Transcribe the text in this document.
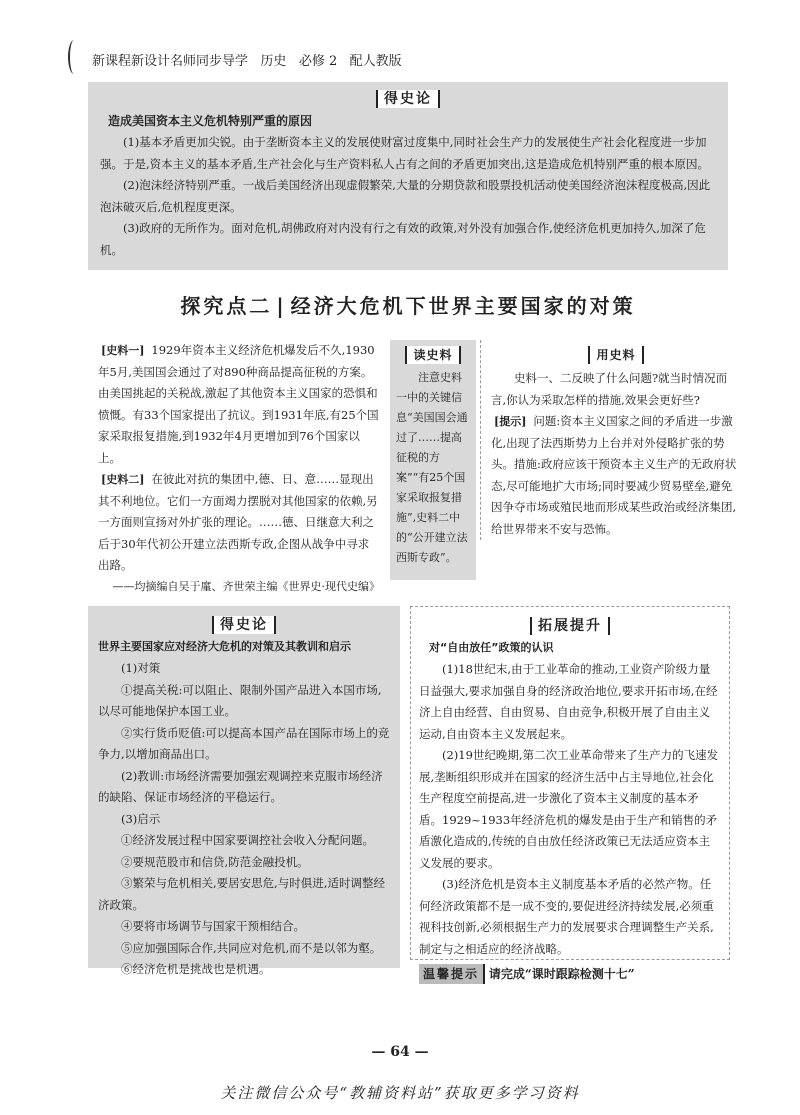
新课程新设计名师同步导学 历史 必修 2 配人教版
得史论
造成美国资本主义危机特别严重的原因

(1)基本矛盾更加尖锐。由于垄断资本主义的发展使财富过度集中,同时社会生产力的发展使生产社会化程度进一步加强。于是,资本主义的基本矛盾,生产社会化与生产资料私人占有之间的矛盾更加突出,这是造成危机特别严重的根本原因。

(2)泡沫经济特别严重。一战后美国经济出现虚假繁荣,大量的分期贷款和股票投机活动使美国经济泡沫程度极高,因此泡沫破灭后,危机程度更深。

(3)政府的无所作为。面对危机,胡佛政府对内没有行之有效的政策,对外没有加强合作,使经济危机更加持久,加深了危机。

探究点二 | 经济大危机下世界主要国家的对策

[史料一] 1929年资本主义经济危机爆发后不久,1930年5月,美国国会通过了对890种商品提高征税的方案。由美国挑起的关税战,激起了其他资本主义国家的恐惧和愤慨。有33个国家提出了抗议。到1931年底,有25个国家采取报复措施,到1932年4月更增加到76个国家以上。

[史料二] 在彼此对抗的集团中,德、日、意……显现出其不利地位。它们一方面竭力摆脱对其他国家的依赖,另一方面则宣扬对外扩张的理论。……德、日继意大利之后于30年代初公开建立法西斯专政,企图从战争中寻求出路。

——均摘编自吴于廑、齐世荣主编《世界史·现代史编》

读史料

注意史料一中的关键信息“美国国会通过了……提高征税的方案”“有25个国家采取报复措施”,史料二中的“公开建立法西斯专政”。

用史料

史料一、二反映了什么问题?就当时情况而言,你认为采取怎样的措施,效果会更好些?

[提示] 问题:资本主义国家之间的矛盾进一步激化,出现了法西斯势力上台并对外侵略扩张的势头。措施:政府应该干预资本主义生产的无政府状态,尽可能地扩大市场;同时要减少贸易壁垒,避免因争夺市场或殖民地而形成某些政治或经济集团,给世界带来不安与恐怖。

得史论
世界主要国家应对经济大危机的对策及其教训和启示

(1)对策

①提高关税:可以阻止、限制外国产品进入本国市场,以尽可能地保护本国工业。

②实行货币贬值:可以提高本国产品在国际市场上的竞争力,以增加商品出口。

(2)教训:市场经济需要加强宏观调控来克服市场经济的缺陷、保证市场经济的平稳运行。

(3)启示

①经济发展过程中国家要调控社会收入分配问题。

②要规范股市和信贷,防范金融投机。

③繁荣与危机相关,要居安思危,与时俱进,适时调整经济政策。

④要将市场调节与国家干预相结合。

⑤应加强国际合作,共同应对危机,而不是以邻为壑。

⑥经济危机是挑战也是机遇。

拓展提升
对“自由放任”政策的认识

(1)18世纪末,由于工业革命的推动,工业资产阶级力量日益强大,要求加强自身的经济政治地位,要求开拓市场,在经济上自由经营、自由贸易、自由竞争,积极开展了自由主义运动,自由资本主义发展起来。

(2)19世纪晚期,第二次工业革命带来了生产力的飞速发展,垄断组织形成并在国家的经济生活中占主导地位,社会化生产程度空前提高,进一步激化了资本主义制度的基本矛盾。1929~1933年经济危机的爆发是由于生产和销售的矛盾激化造成的,传统的自由放任经济政策已无法适应资本主义发展的要求。

(3)经济危机是资本主义制度基本矛盾的必然产物。任何经济政策都不是一成不变的,要促进经济持续发展,必须重视科技创新,必须根据生产力的发展要求合理调整生产关系,制定与之相适应的经济战略。

温馨提示 请完成“课时跟踪检测十七”
— 64 —
关注微信公众号“教辅资料站”获取更多学习资料
